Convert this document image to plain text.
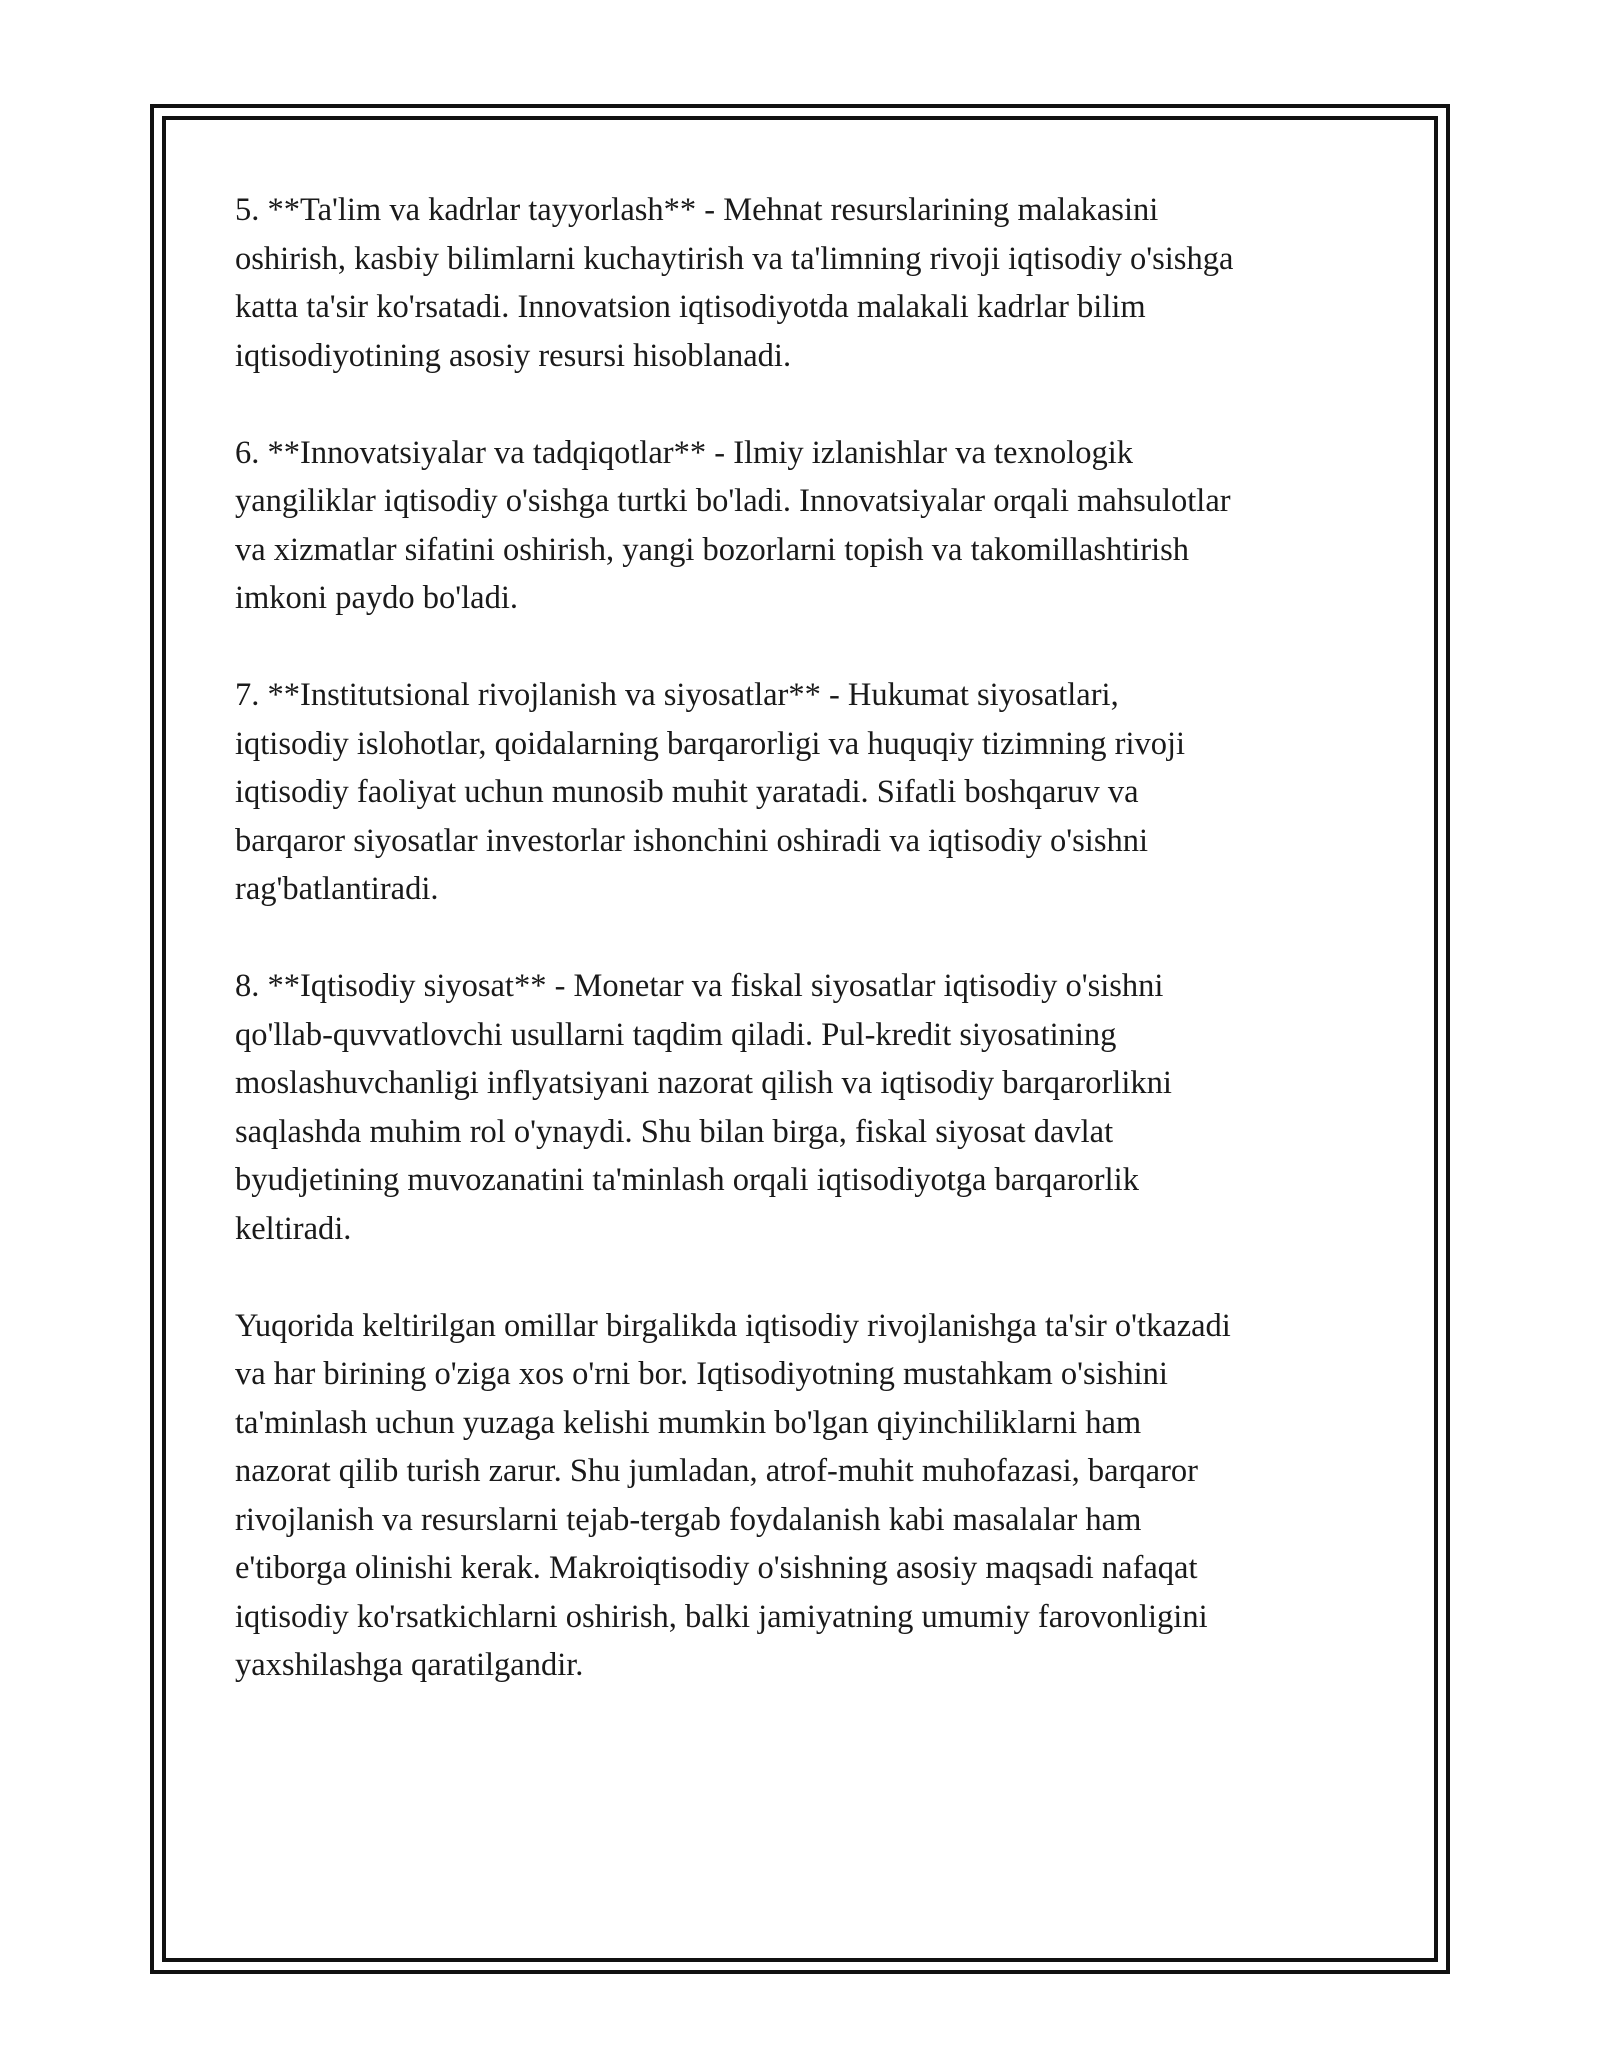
5. **Ta'lim va kadrlar tayyorlash** - Mehnat resurslarining malakasini
oshirish, kasbiy bilimlarni kuchaytirish va ta'limning rivoji iqtisodiy o'sishga
katta ta'sir ko'rsatadi. Innovatsion iqtisodiyotda malakali kadrlar bilim
iqtisodiyotining asosiy resursi hisoblanadi.

6. **Innovatsiyalar va tadqiqotlar** - Ilmiy izlanishlar va texnologik
yangiliklar iqtisodiy o'sishga turtki bo'ladi. Innovatsiyalar orqali mahsulotlar
va xizmatlar sifatini oshirish, yangi bozorlarni topish va takomillashtirish
imkoni paydo bo'ladi.

7. **Institutsional rivojlanish va siyosatlar** - Hukumat siyosatlari,
iqtisodiy islohotlar, qoidalarning barqarorligi va huquqiy tizimning rivoji
iqtisodiy faoliyat uchun munosib muhit yaratadi. Sifatli boshqaruv va
barqaror siyosatlar investorlar ishonchini oshiradi va iqtisodiy o'sishni
rag'batlantiradi.

8. **Iqtisodiy siyosat** - Monetar va fiskal siyosatlar iqtisodiy o'sishni
qo'llab-quvvatlovchi usullarni taqdim qiladi. Pul-kredit siyosatining
moslashuvchanligi inflyatsiyani nazorat qilish va iqtisodiy barqarorlikni
saqlashda muhim rol o'ynaydi. Shu bilan birga, fiskal siyosat davlat
byudjetining muvozanatini ta'minlash orqali iqtisodiyotga barqarorlik
keltiradi.

Yuqorida keltirilgan omillar birgalikda iqtisodiy rivojlanishga ta'sir o'tkazadi
va har birining o'ziga xos o'rni bor. Iqtisodiyotning mustahkam o'sishini
ta'minlash uchun yuzaga kelishi mumkin bo'lgan qiyinchiliklarni ham
nazorat qilib turish zarur. Shu jumladan, atrof-muhit muhofazasi, barqaror
rivojlanish va resurslarni tejab-tergab foydalanish kabi masalalar ham
e'tiborga olinishi kerak. Makroiqtisodiy o'sishning asosiy maqsadi nafaqat
iqtisodiy ko'rsatkichlarni oshirish, balki jamiyatning umumiy farovonligini
yaxshilashga qaratilgandir.
